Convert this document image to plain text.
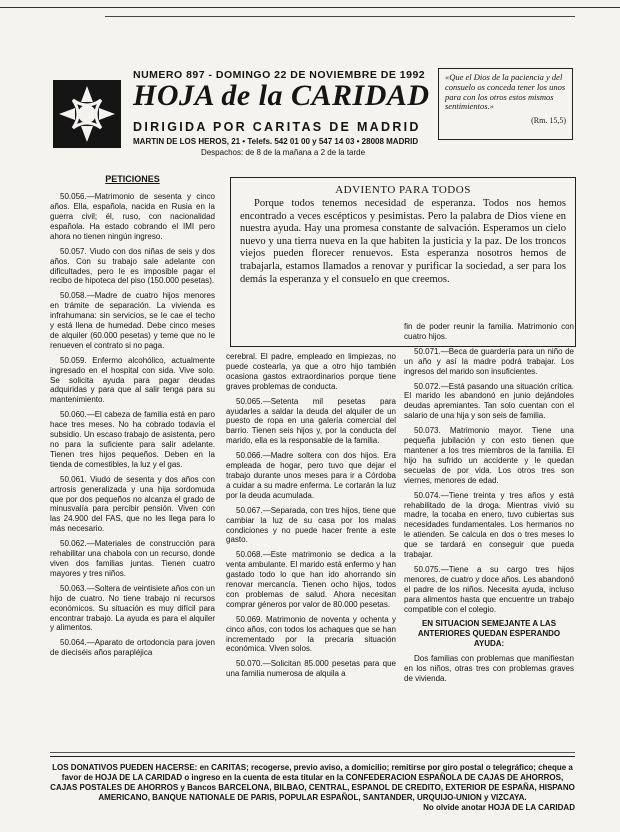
NUMERO 897 - DOMINGO 22 DE NOVIEMBRE DE 1992
HOJA de la CARIDAD
DIRIGIDA POR CARITAS DE MADRID
MARTIN DE LOS HEROS, 21 • Telefs. 542 01 00 y 547 14 03 • 28008 MADRID
Despachos: de 8 de la mañana a 2 de la tarde
«Que el Dios de la paciencia y del consuelo os conceda tener los unos para con los otros estos mismos sentimientos.»
(Rm. 15,5)
ADVIENTO PARA TODOS
Porque todos tenemos necesidad de esperanza. Todos nos hemos encontrado a veces escépticos y pesimistas. Pero la palabra de Dios viene en nuestra ayuda. Hay una promesa constante de salvación. Esperamos un cielo nuevo y una tierra nueva en la que habiten la justicia y la paz. De los troncos viejos pueden florecer renuevos. Esta esperanza nosotros hemos de trabajarla, estamos llamados a renovar y purificar la sociedad, a ser para los demás la esperanza y el consuelo en que creemos.

PETICIONES

50.056.—Matrimonio de sesenta y cinco años. Ella, española, nacida en Rusia en la guerra civil; él, ruso, con nacionalidad española. Ha estado cobrando el IMI pero ahora no tienen ningún ingreso.

50.057. Viudo con dos niñas de seis y dos años. Con su trabajo sale adelante con dificultades, pero le es imposible pagar el recibo de hipoteca del piso (150.000 pesetas).

50.058.—Madre de cuatro hijos menores en trámite de separación. La vivienda es infrahumana: sin servicios, se le cae el techo y está llena de humedad. Debe cinco meses de alquiler (60.000 pesetas) y teme que no le renueven el contrato si no paga.

50.059. Enfermo alcohólico, actualmente ingresado en el hospital con sida. Vive solo. Se solicita ayuda para pagar deudas adquiridas y para que al salir tenga para su mantenimiento.

50.060.—El cabeza de familia está en paro hace tres meses. No ha cobrado todavía el subsidio. Un escaso trabajo de asistenta, pero no para la suficiente para salir adelante. Tienen tres hijos pequeños. Deben en la tienda de comestibles, la luz y el gas.

50.061. Viudo de sesenta y dos años con artrosis generalizada y una hija sordomuda que por dos pequeños no alcanza el grado de minusvalía para percibir pensión. Viven con las 24.900 del FAS, que no les llega para lo más necesario.

50.062.—Materiales de construcción para rehabilitar una chabola con un recurso, donde viven dos familias juntas. Tienen cuatro mayores y tres niños.

50.063.—Soltera de veintisiete años con un hijo de cuatro. No tiene trabajo ni recursos económicos. Su situación es muy difícil para encontrar trabajo. La ayuda es para el alquiler y alimentos.

50.064.—Aparato de ortodoncia para joven de dieciséis años parapléjica

cerebral. El padre, empleado en limpiezas, no puede costearla, ya que a otro hijo también ocasiona gastos extraordinarios porque tiene graves problemas de conducta.

50.065.—Setenta mil pesetas para ayudarles a saldar la deuda del alquiler de un puesto de ropa en una galería comercial del barrio. Tienen seis hijos y, por la conducta del marido, ella es la responsable de la familia.

50.066.—Madre soltera con dos hijos. Era empleada de hogar, pero tuvo que dejar el trabajo durante unos meses para ir a Córdoba a cuidar a su madre enferma. Le cortarán la luz por la deuda acumulada.

50.067.—Separada, con tres hijos, tiene que cambiar la luz de su casa por los malas condiciones y no puede hacer frente a este gasto.

50.068.—Este matrimonio se dedica a la venta ambulante. El marido está enfermo y han gastado todo lo que han ido ahorrando sin renovar mercancía. Tienen ocho hijos, todos con problemas de salud. Ahora necesitan comprar géneros por valor de 80.000 pesetas.

50.069. Matrimonio de noventa y ochenta y cinco años, con todos los achaques que se han incrementado por la precaria situación económica. Viven solos.

50.070.—Solicitan 85.000 pesetas para que una familia numerosa de alquila a

fin de poder reunir la familia. Matrimonio con cuatro hijos.

50.071.—Beca de guardería para un niño de un año y así la madre podrá trabajar. Los ingresos del marido son insuficientes.

50.072.—Está pasando una situación crítica. El marido les abandonó en junio dejándoles deudas apremiantes. Tan solo cuentan con el salario de una hija y son seis de familia.

50.073. Matrimonio mayor. Tiene una pequeña jubilación y con esto tienen que mantener a los tres miembros de la familia. El hijo ha sufrido un accidente y le quedan secuelas de por vida. Los otros tres son viernes, menores de edad.

50.074.—Tiene treinta y tres años y está rehabilitado de la droga. Mientras vivió su madre, la tocaba en enero, tuvo cubiertas sus necesidades fundamentales. Los hermanos no le atienden. Se calcula en dos o tres meses lo que se tardará en conseguir que pueda trabajar.

50.075.—Tiene a su cargo tres hijos menores, de cuatro y doce años. Les abandonó el padre de los niños. Necesita ayuda, incluso para alimentos hasta que encuentre un trabajo compatible con el colegio.

EN SITUACION SEMEJANTE A LAS ANTERIORES QUEDAN ESPERANDO AYUDA:

Dos familias con problemas que manifiestan en los niños, otras tres con problemas graves de vivienda.

LOS DONATIVOS PUEDEN HACERSE: en CARITAS; recogerse, previo aviso, a domicilio; remitirse por giro postal o telegráfico; cheque a favor de HOJA DE LA CARIDAD o ingreso en la cuenta de esta titular en la CONFEDERACION ESPAÑOLA DE CAJAS DE AHORROS, CAJAS POSTALES DE AHORROS y Bancos BARCELONA, BILBAO, CENTRAL, ESPANOL DE CREDITO, EXTERIOR DE ESPAÑA, HISPANO AMERICANO, BANQUE NATIONALE DE PARIS, POPULAR ESPAÑOL, SANTANDER, URQUIJO-UNION y VIZCAYA.
No olvide anotar HOJA DE LA CARIDAD
